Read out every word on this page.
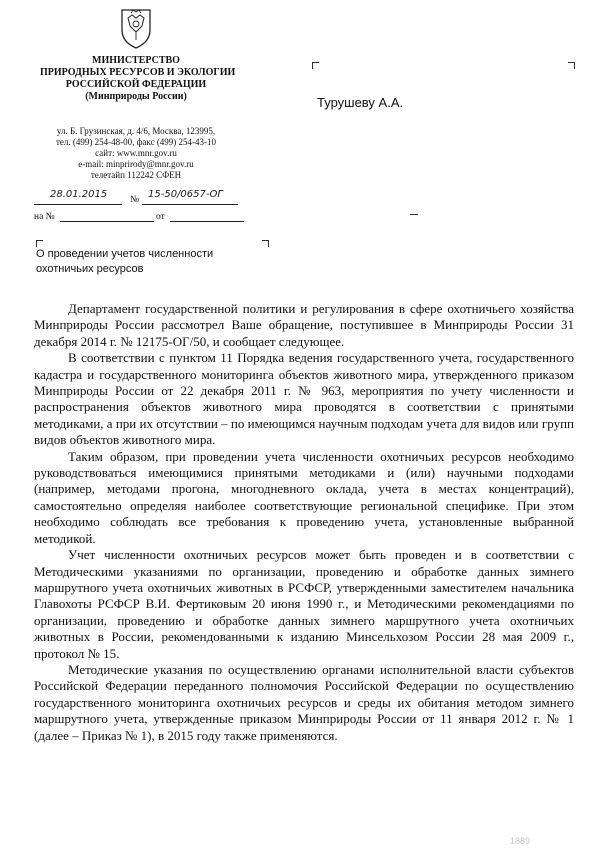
МИНИСТЕРСТВО
ПРИРОДНЫХ РЕСУРСОВ И ЭКОЛОГИИ
РОССИЙСКОЙ ФЕДЕРАЦИИ
(Минприроды России)
ул. Б. Грузинская, д. 4/6, Москва, 123995,
тел. (499) 254-48-00, факс (499) 254-43-10
сайт: www.mnr.gov.ru
e-mail: minprirody@mnr.gov.ru
телетайп 112242 СФЕН
28.01.2015 № 15-50/0657-ОГ
на №	от
Турушеву А.А.
О проведении учетов численности
охотничьих ресурсов

Департамент государственной политики и регулирования в сфере охотничьего хозяйства Минприроды России рассмотрел Ваше обращение, поступившее в Минприроды России 31 декабря 2014 г. № 12175-ОГ/50, и сообщает следующее.

В соответствии с пунктом 11 Порядка ведения государственного учета, государственного кадастра и государственного мониторинга объектов животного мира, утвержденного приказом Минприроды России от 22 декабря 2011 г. № 963, мероприятия по учету численности и распространения объектов животного мира проводятся в соответствии с принятыми методиками, а при их отсутствии – по имеющимся научным подходам учета для видов или групп видов объектов животного мира.

Таким образом, при проведении учета численности охотничьих ресурсов необходимо руководствоваться имеющимися принятыми методиками и (или) научными подходами (например, методами прогона, многодневного оклада, учета в местах концентраций), самостоятельно определяя наиболее соответствующие региональной специфике. При этом необходимо соблюдать все требования к проведению учета, установленные выбранной методикой.

Учет численности охотничьих ресурсов может быть проведен и в соответствии с Методическими указаниями по организации, проведению и обработке данных зимнего маршрутного учета охотничьих животных в РСФСР, утвержденными заместителем начальника Главохоты РСФСР В.И. Фертиковым 20 июня 1990 г., и Методическими рекомендациями по организации, проведению и обработке данных зимнего маршрутного учета охотничьих животных в России, рекомендованными к изданию Минсельхозом России 28 мая 2009 г., протокол № 15.

Методические указания по осуществлению органами исполнительной власти субъектов Российской Федерации переданного полномочия Российской Федерации по осуществлению государственного мониторинга охотничьих ресурсов и среды их обитания методом зимнего маршрутного учета, утвержденные приказом Минприроды России от 11 января 2012 г. № 1 (далее – Приказ № 1), в 2015 году также применяются.

1889
